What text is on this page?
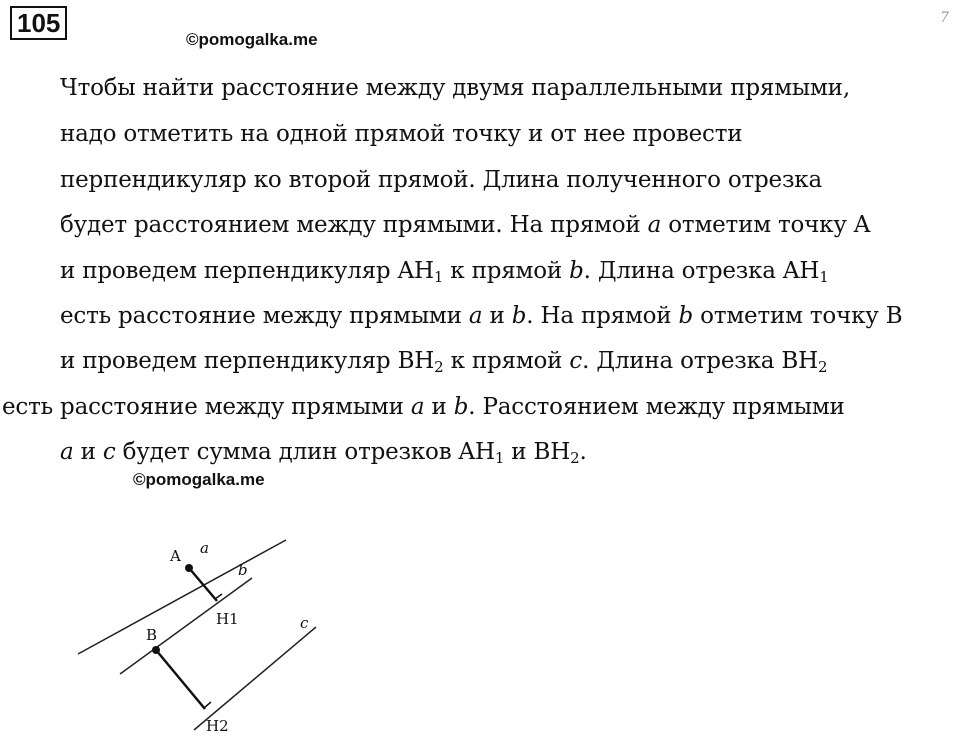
105
©pomogalka.me
7
Чтобы найти расстояние между двумя параллельными прямыми,
надо отметить на одной прямой точку и от нее провести
перпендикуляр ко второй прямой. Длина полученного отрезка
будет расстоянием между прямыми. На прямой a отметим точку A
и проведем перпендикуляр $AH_1$ к прямой b. Длина отрезка $AH_1$
есть расстояние между прямыми a и b. На прямой b отметим точку B
и проведем перпендикуляр $BH_2$ к прямой c. Длина отрезка $BH_2$
есть расстояние между прямыми a и b. Расстоянием между прямыми
a и c будет сумма длин отрезков $AH_1$ и $BH_2$.
©pomogalka.me
A a
b
c
B
H1
H2
